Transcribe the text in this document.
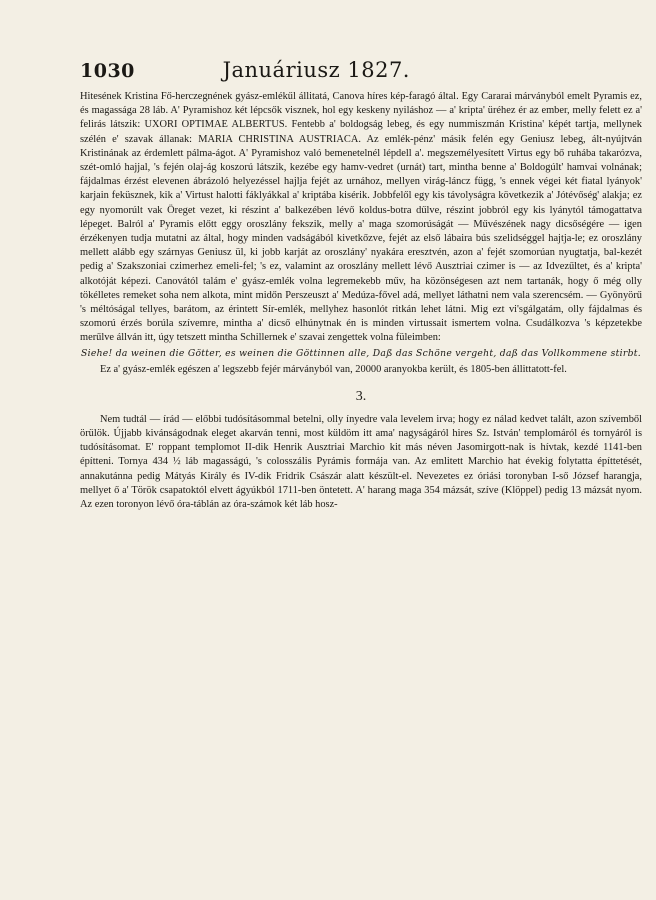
1030	Januáriusz 1827.

Hitesének Kristina Fő-herczegnének gyász-emlékűl állitatá, Canova híres kép-faragó által. Egy Cararai márványból emelt Pyramis ez, és magassága 28 láb. A' Pyramishoz két lépcsők visznek, hol egy keskeny nyiláshoz — a' kripta' üréhez ér az ember, melly felett ez a' felirás látszik: UXORI OPTIMAE ALBERTUS. Fentebb a' boldogság lebeg, és egy nummiszmán Kristina' képét tartja, mellynek szélén e' szavak állanak: MARIA CHRISTINA AUSTRIACA. Az emlék-pénz' másik felén egy Geniusz lebeg, ált-nyújtván Kristinának az érdemlett pálma-ágot. A' Pyramishoz való bemenetelnél lépdell a'. megszemélyesített Virtus egy bő ruhába takarózva, szét-omló hajjal, 's fején olaj-ág koszorú látszik, kezébe egy hamv-vedret (urnát) tart, mintha benne a' Boldogúlt' hamvai volnának; fájdalmas érzést elevenen ábrázoló helyezéssel hajlja fejét az urnához, mellyen virág-láncz függ, 's ennek végei két fiatal lyányok' karjain feküsznek, kik a' Virtust halotti fáklyákkal a' kriptába kisérik. Jobbfelől egy kis távolyságra következik a' Jótévőség' alakja; ez egy nyomorúlt vak Öreget vezet, ki részint a' balkezében lévő koldus-botra dűlve, részint jobbról egy kis lyánytól támogattatva lépeget. Balról a' Pyramis előtt eggy oroszlány fekszik, melly a' maga szomorúságát — Művészének nagy dicsőségére — igen érzékenyen tudja mutatni az által, hogy minden vadságából kivetkőzve, fejét az első lábaira bús szelidséggel hajtja-le; ez oroszlány mellett alább egy szárnyas Geniusz ül, ki jobb karját az oroszlány' nyakára eresztvén, azon a' fejét szomorúan nyugtatja, bal-kezét pedig a' Szakszoniai czimerhez emeli-fel; 's ez, valamint az oroszlány mellett lévő Ausztriai czimer is — az Idvezűltet, és a' kripta' alkotóját képezi. Canovától talám e' gyász-emlék volna legremekebb műv, ha közönségesen azt nem tartanák, hogy ő még olly tökélletes remeket soha nem alkota, mint midőn Perszeuszt a' Medúza-fővel adá, mellyet láthatni nem vala szerencsém. — Gyönyörű 's méltóságal tellyes, barátom, az érintett Sír-emlék, mellyhez hasonlót ritkán lehet látni. Mig ezt vi'sgálgatám, olly fájdalmas és szomorú érzés borúla szívemre, mintha a' dicső elhúnytnak én is minden virtussait ismertem volna. Csudálkozva 's képzetekbe merűlve állván itt, úgy tetszett mintha Schillernek e' szavai zengettek volna füleimben:

Siehe! da weinen die Götter, es weinen die Göttinnen alle, Daß das Schöne vergeht, daß das Vollkommene stirbt.

Ez a' gyász-emlék egészen a' legszebb fejér márványból van, 20000 aranyokba került, és 1805-ben állittatott-fel.

3.

Nem tudtál — írád — előbbi tudósításommal betelni, olly ínyedre vala levelem irva; hogy ez nálad kedvet talált, azon szívemből örülök. Újjabb kivánságodnak eleget akarván tenni, most küldöm itt ama' nagyságáról hires Sz. István' templomáról és tornyáról is tudósításomat. E' roppant templomot II-dik Henrik Ausztriai Marchio kit más néven Jasomirgott-nak is hívtak, kezdé 1141-ben építteni. Tornya 434 ½ láb magasságú, 's colosszális Pyrámis formája van. Az emlitett Marchio hat évekig folytatta építtetését, annakutánna pedig Mátyás Király és IV-dik Fridrik Császár alatt készült-el. Nevezetes ez óriási toronyban I-ső József harangja, mellyet ő a' Török csapatoktól elvett ágyúkból 1711-ben öntetett. A' harang maga 354 mázsát, szíve (Klöppel) pedig 13 mázsát nyom. Az ezen toronyon lévő óra-táblán az óra-számok két láb hosz-
